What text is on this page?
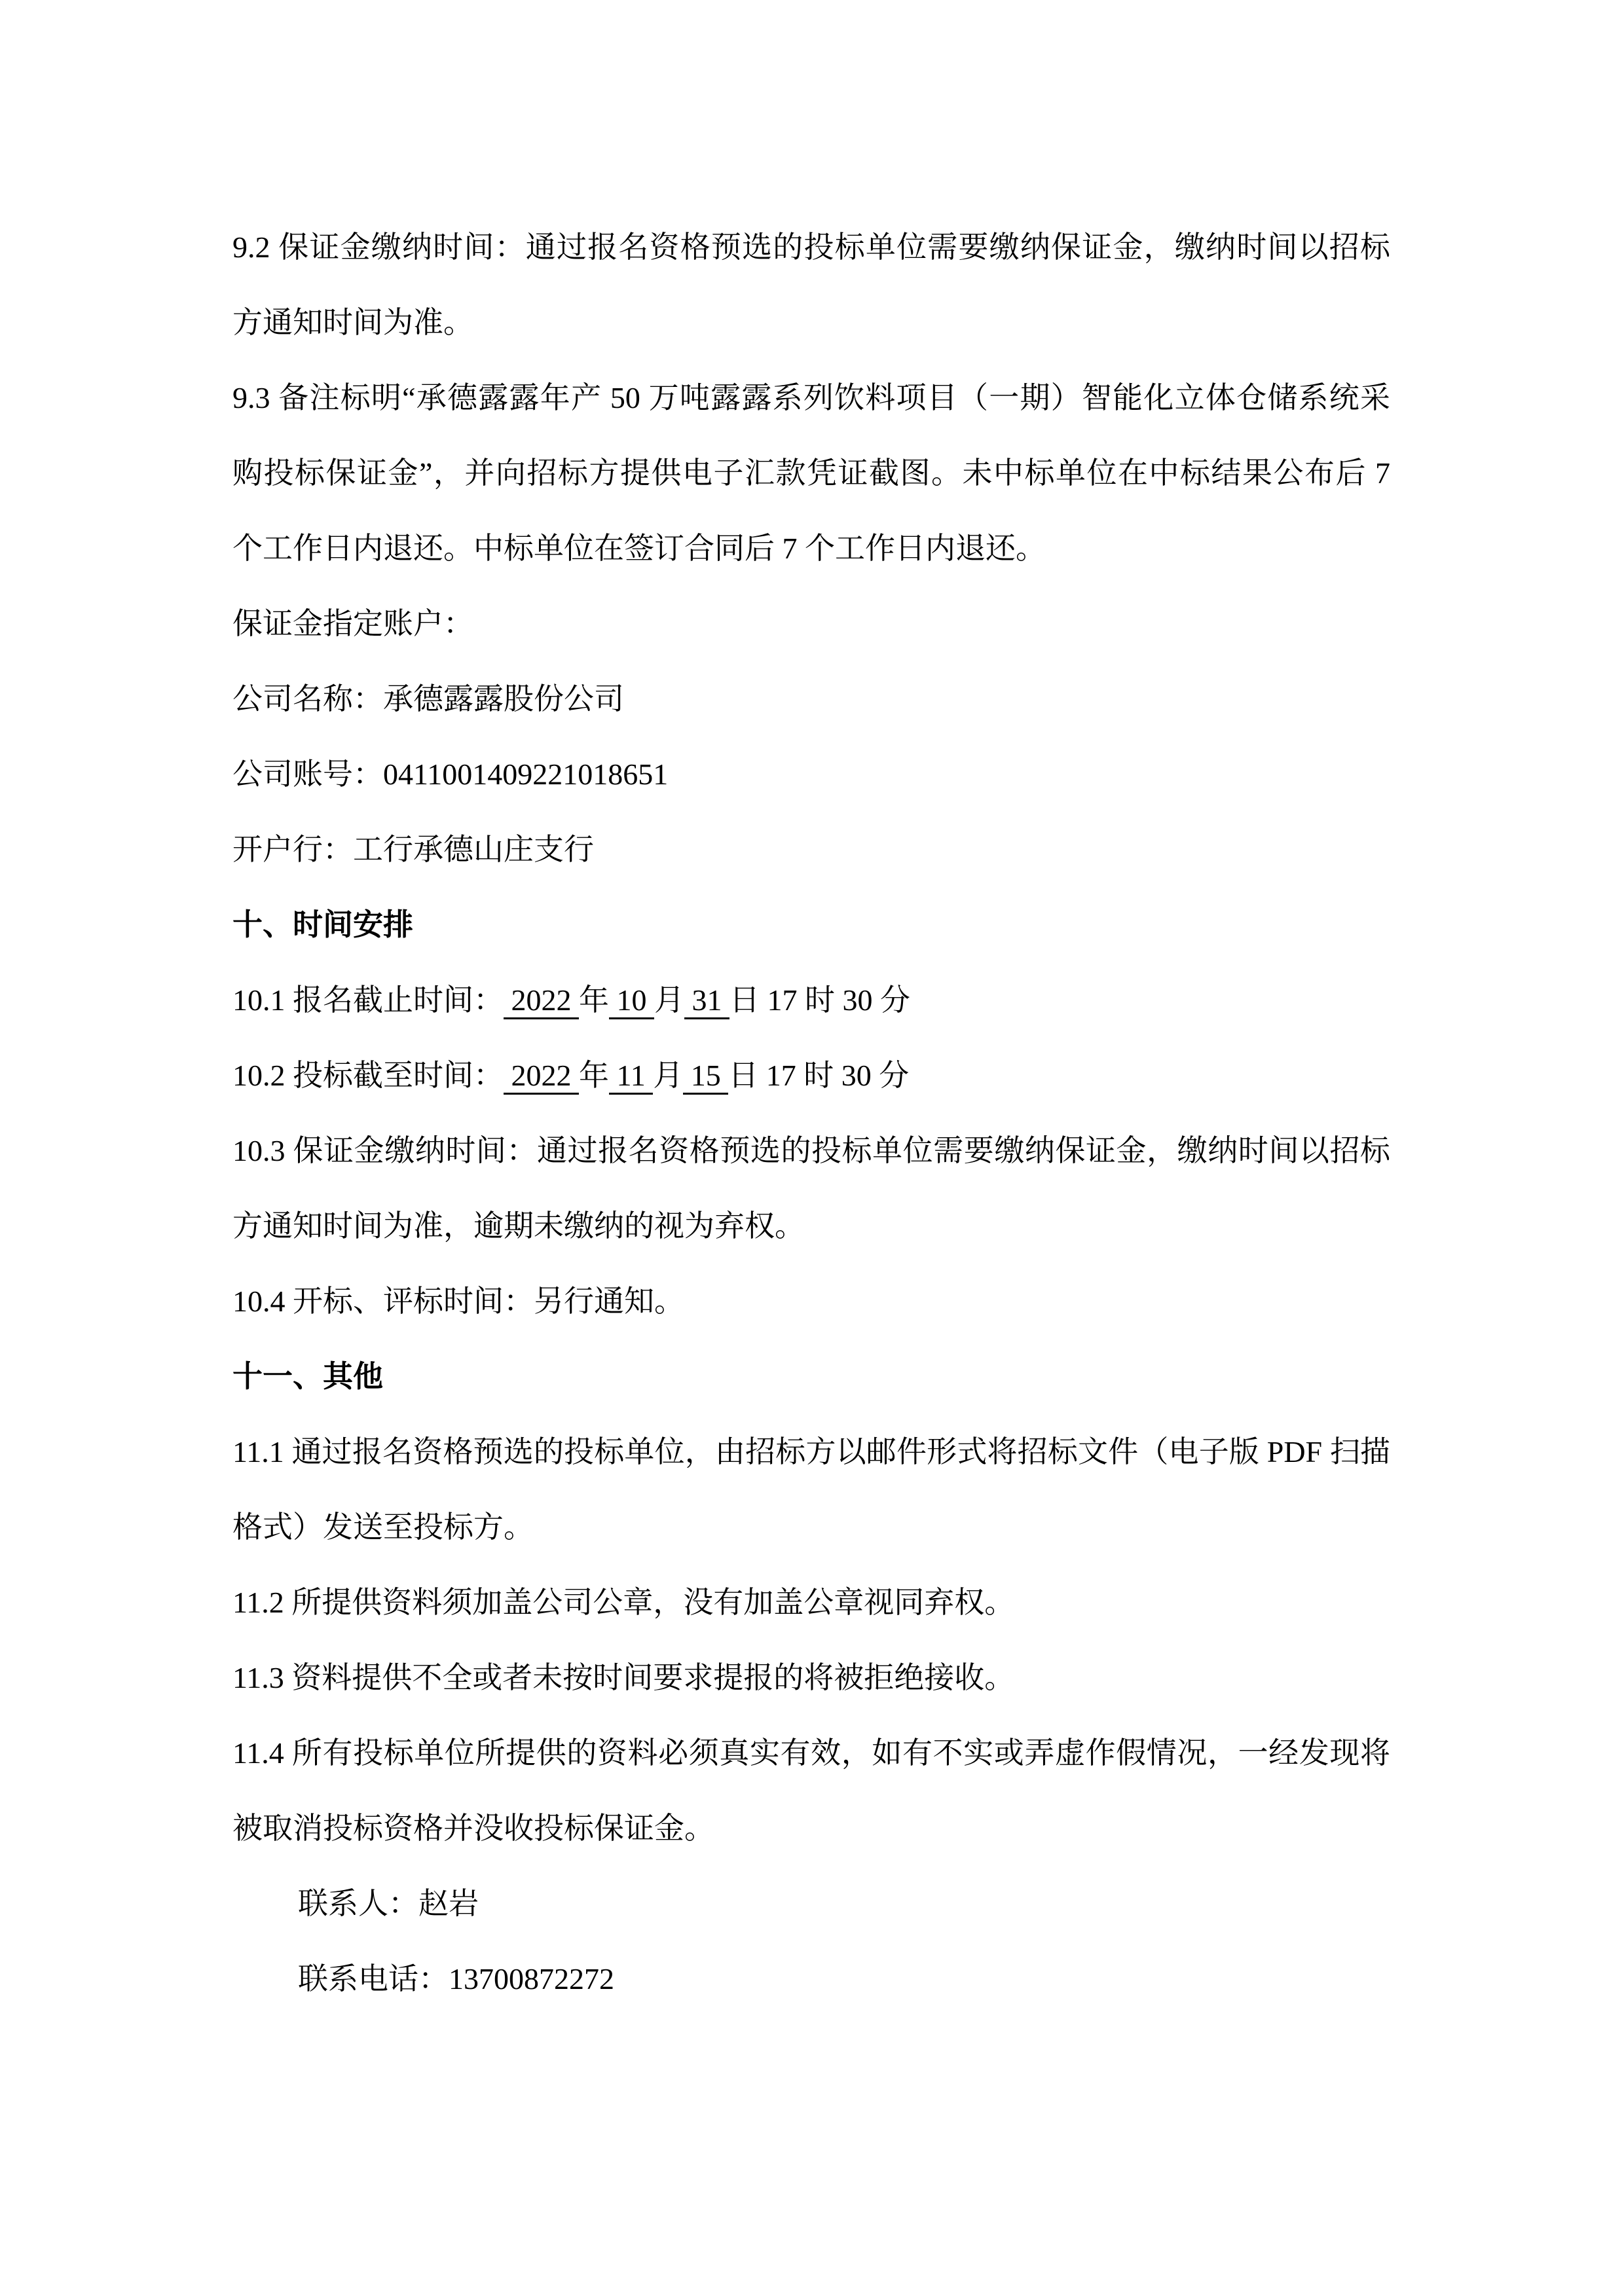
9.2 保证金缴纳时间：通过报名资格预选的投标单位需要缴纳保证金，缴纳时间以招标方通知时间为准。

9.3 备注标明“承德露露年产 50 万吨露露系列饮料项目（一期）智能化立体仓储系统采购投标保证金”，并向招标方提供电子汇款凭证截图。未中标单位在中标结果公布后 7 个工作日内退还。中标单位在签订合同后 7 个工作日内退还。

保证金指定账户：

公司名称：承德露露股份公司

公司账号：0411001409221018651

开户行：工行承德山庄支行

十、时间安排

10.1 报名截止时间： 2022 年 10 月 31 日 17 时 30 分

10.2 投标截至时间： 2022 年 11 月 15 日 17 时 30 分

10.3 保证金缴纳时间：通过报名资格预选的投标单位需要缴纳保证金，缴纳时间以招标方通知时间为准，逾期未缴纳的视为弃权。

10.4 开标、评标时间：另行通知。

十一、其他

11.1 通过报名资格预选的投标单位，由招标方以邮件形式将招标文件（电子版 PDF 扫描格式）发送至投标方。

11.2 所提供资料须加盖公司公章，没有加盖公章视同弃权。

11.3 资料提供不全或者未按时间要求提报的将被拒绝接收。

11.4 所有投标单位所提供的资料必须真实有效，如有不实或弄虚作假情况，一经发现将被取消投标资格并没收投标保证金。

联系人：赵岩

联系电话：13700872272
